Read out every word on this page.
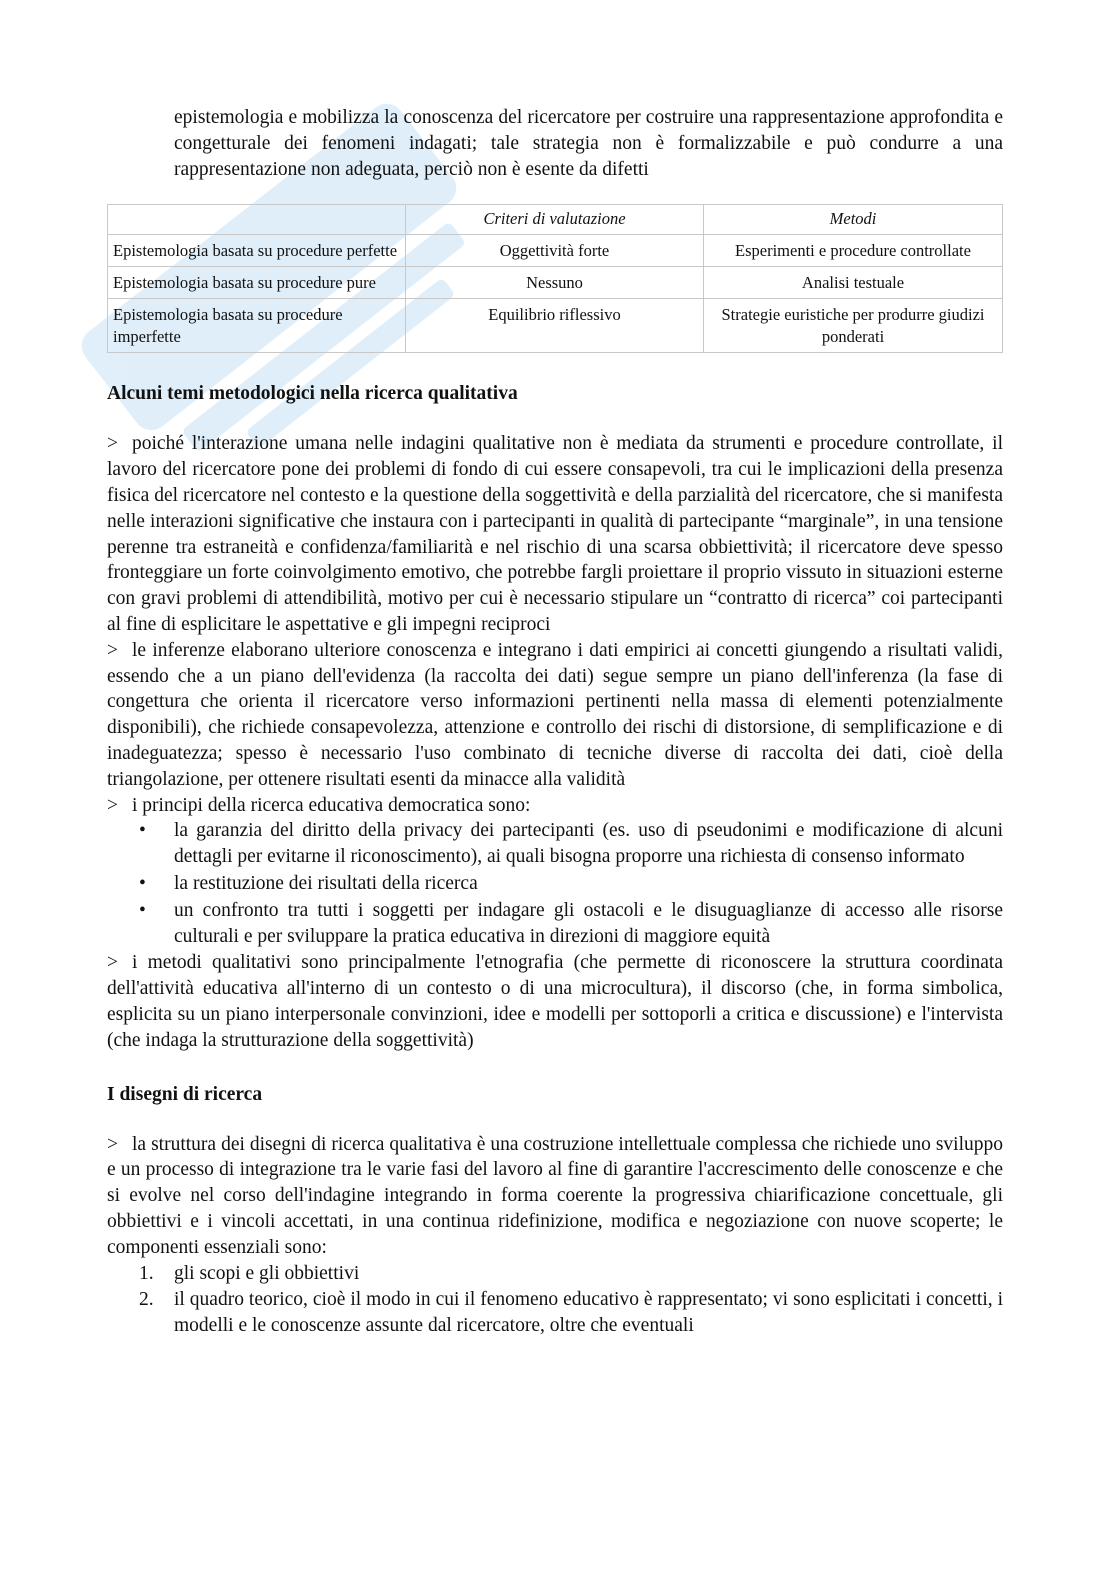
epistemologia e mobilizza la conoscenza del ricercatore per costruire una rappresentazione approfondita e congetturale dei fenomeni indagati; tale strategia non è formalizzabile e può condurre a una rappresentazione non adeguata, perciò non è esente da difetti

	Criteri di valutazione	Metodi
Epistemologia basata su procedure perfette	Oggettività forte	Esperimenti e procedure controllate
Epistemologia basata su procedure pure	Nessuno	Analisi testuale
Epistemologia basata su procedure imperfette	Equilibrio riflessivo	Strategie euristiche per produrre giudizi ponderati
Alcuni temi metodologici nella ricerca qualitativa

> poiché l'interazione umana nelle indagini qualitative non è mediata da strumenti e procedure controllate, il lavoro del ricercatore pone dei problemi di fondo di cui essere consapevoli, tra cui le implicazioni della presenza fisica del ricercatore nel contesto e la questione della soggettività e della parzialità del ricercatore, che si manifesta nelle interazioni significative che instaura con i partecipanti in qualità di partecipante “marginale”, in una tensione perenne tra estraneità e confidenza/familiarità e nel rischio di una scarsa obbiettività; il ricercatore deve spesso fronteggiare un forte coinvolgimento emotivo, che potrebbe fargli proiettare il proprio vissuto in situazioni esterne con gravi problemi di attendibilità, motivo per cui è necessario stipulare un “contratto di ricerca” coi partecipanti al fine di esplicitare le aspettative e gli impegni reciproci

> le inferenze elaborano ulteriore conoscenza e integrano i dati empirici ai concetti giungendo a risultati validi, essendo che a un piano dell'evidenza (la raccolta dei dati) segue sempre un piano dell'inferenza (la fase di congettura che orienta il ricercatore verso informazioni pertinenti nella massa di elementi potenzialmente disponibili), che richiede consapevolezza, attenzione e controllo dei rischi di distorsione, di semplificazione e di inadeguatezza; spesso è necessario l'uso combinato di tecniche diverse di raccolta dei dati, cioè della triangolazione, per ottenere risultati esenti da minacce alla validità

> i principi della ricerca educativa democratica sono:

• la garanzia del diritto della privacy dei partecipanti (es. uso di pseudonimi e modificazione di alcuni dettagli per evitarne il riconoscimento), ai quali bisogna proporre una richiesta di consenso informato
• la restituzione dei risultati della ricerca
• un confronto tra tutti i soggetti per indagare gli ostacoli e le disuguaglianze di accesso alle risorse culturali e per sviluppare la pratica educativa in direzioni di maggiore equità

> i metodi qualitativi sono principalmente l'etnografia (che permette di riconoscere la struttura coordinata dell'attività educativa all'interno di un contesto o di una microcultura), il discorso (che, in forma simbolica, esplicita su un piano interpersonale convinzioni, idee e modelli per sottoporli a critica e discussione) e l'intervista (che indaga la strutturazione della soggettività)

I disegni di ricerca

> la struttura dei disegni di ricerca qualitativa è una costruzione intellettuale complessa che richiede uno sviluppo e un processo di integrazione tra le varie fasi del lavoro al fine di garantire l'accrescimento delle conoscenze e che si evolve nel corso dell'indagine integrando in forma coerente la progressiva chiarificazione concettuale, gli obbiettivi e i vincoli accettati, in una continua ridefinizione, modifica e negoziazione con nuove scoperte; le componenti essenziali sono:

1. gli scopi e gli obbiettivi
2. il quadro teorico, cioè il modo in cui il fenomeno educativo è rappresentato; vi sono esplicitati i concetti, i modelli e le conoscenze assunte dal ricercatore, oltre che eventuali
